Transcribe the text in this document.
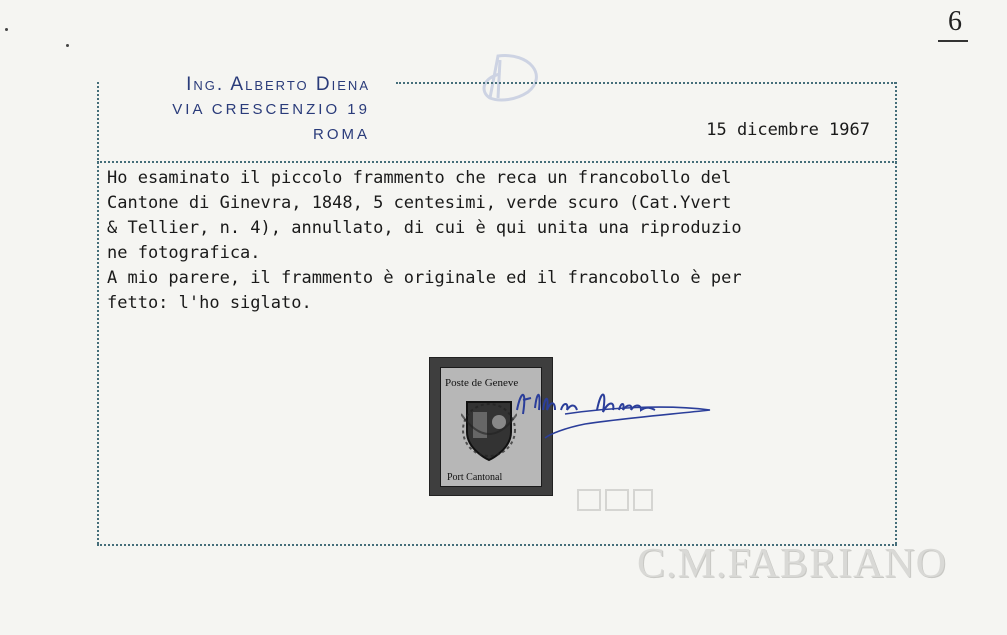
6
Ing. Alberto Diena
VIA CRESCENZIO 19
ROMA	15 dicembre 1967
Ho esaminato il piccolo frammento che reca un francobollo del
Cantone di Ginevra, 1848, 5 centesimi, verde scuro (Cat.Yvert
& Tellier, n. 4), annullato, di cui è qui unita una riproduzio
ne fotografica.
A mio parere, il frammento è originale ed il francobollo è per
fetto: l'ho siglato.
Poste de Geneve
Port Cantonal
C.M.FABRIANO
